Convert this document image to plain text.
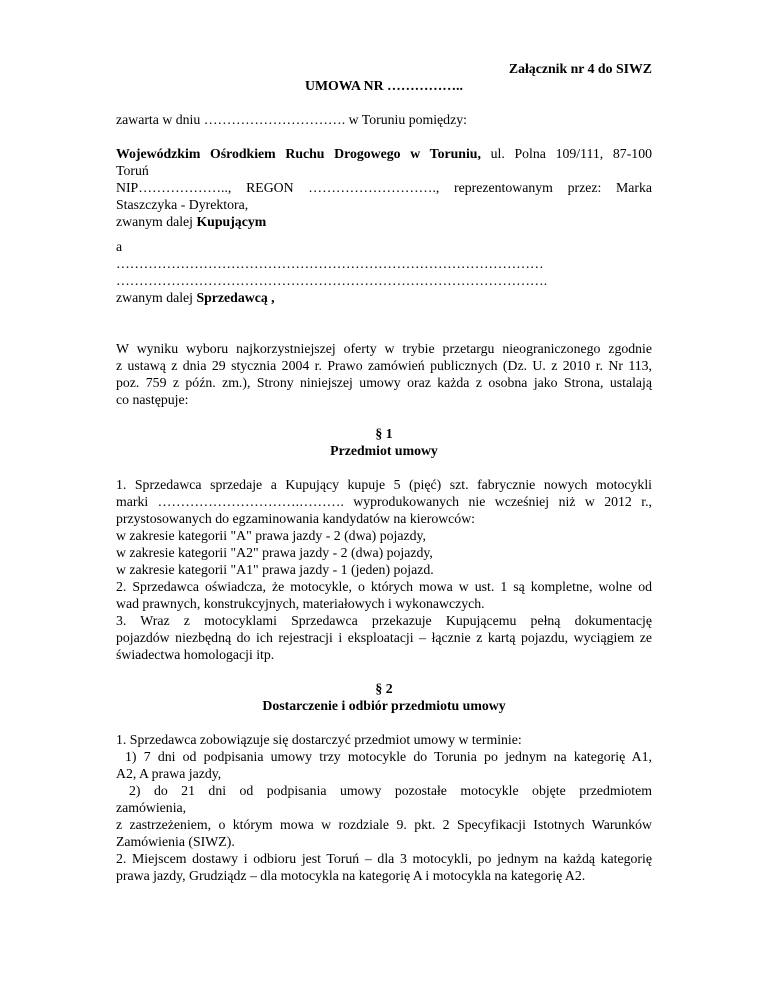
Załącznik nr 4 do SIWZ

UMOWA NR ……………..

zawarta w dniu …………………………. w Toruniu pomiędzy:

Wojewódzkim Ośrodkiem Ruchu Drogowego w Toruniu, ul. Polna 109/111, 87-100

Toruń

NIP……………….., REGON ………………………., reprezentowanym przez: Marka

Staszczyka - Dyrektora,

zwanym dalej Kupującym

a

…………………………………………………………………………………

………………………………………………………………………………….

zwanym dalej Sprzedawcą ,

W wyniku wyboru najkorzystniejszej oferty w trybie przetargu nieograniczonego zgodnie

z ustawą z dnia 29 stycznia 2004 r. Prawo zamówień publicznych (Dz. U. z 2010 r. Nr 113,

poz. 759 z późn. zm.), Strony niniejszej umowy oraz każda z osobna jako Strona, ustalają

co następuje:

§ 1

Przedmiot umowy

1. Sprzedawca sprzedaje a Kupujący kupuje 5 (pięć) szt. fabrycznie nowych motocykli

marki ………………………….………. wyprodukowanych nie wcześniej niż w 2012 r.,

przystosowanych do egzaminowania kandydatów na kierowców:

w zakresie kategorii "A" prawa jazdy - 2 (dwa) pojazdy,

w zakresie kategorii "A2" prawa jazdy - 2 (dwa) pojazdy,

w zakresie kategorii "A1" prawa jazdy - 1 (jeden) pojazd.

2. Sprzedawca oświadcza, że motocykle, o których mowa w ust. 1 są kompletne, wolne od

wad prawnych, konstrukcyjnych, materiałowych i wykonawczych.

3. Wraz z motocyklami Sprzedawca przekazuje Kupującemu pełną dokumentację

pojazdów niezbędną do ich rejestracji i eksploatacji – łącznie z kartą pojazdu, wyciągiem ze

świadectwa homologacji itp.

§ 2

Dostarczenie i odbiór przedmiotu umowy

1. Sprzedawca zobowiązuje się dostarczyć przedmiot umowy w terminie:

1) 7 dni od podpisania umowy trzy motocykle do Torunia po jednym na kategorię A1,

A2, A prawa jazdy,

2) do 21 dni od podpisania umowy pozostałe motocykle objęte przedmiotem

zamówienia,

z zastrzeżeniem, o którym mowa w rozdziale 9. pkt. 2 Specyfikacji Istotnych Warunków

Zamówienia (SIWZ).

2. Miejscem dostawy i odbioru jest Toruń – dla 3 motocykli, po jednym na każdą kategorię

prawa jazdy, Grudziądz – dla motocykla na kategorię A i motocykla na kategorię A2.
